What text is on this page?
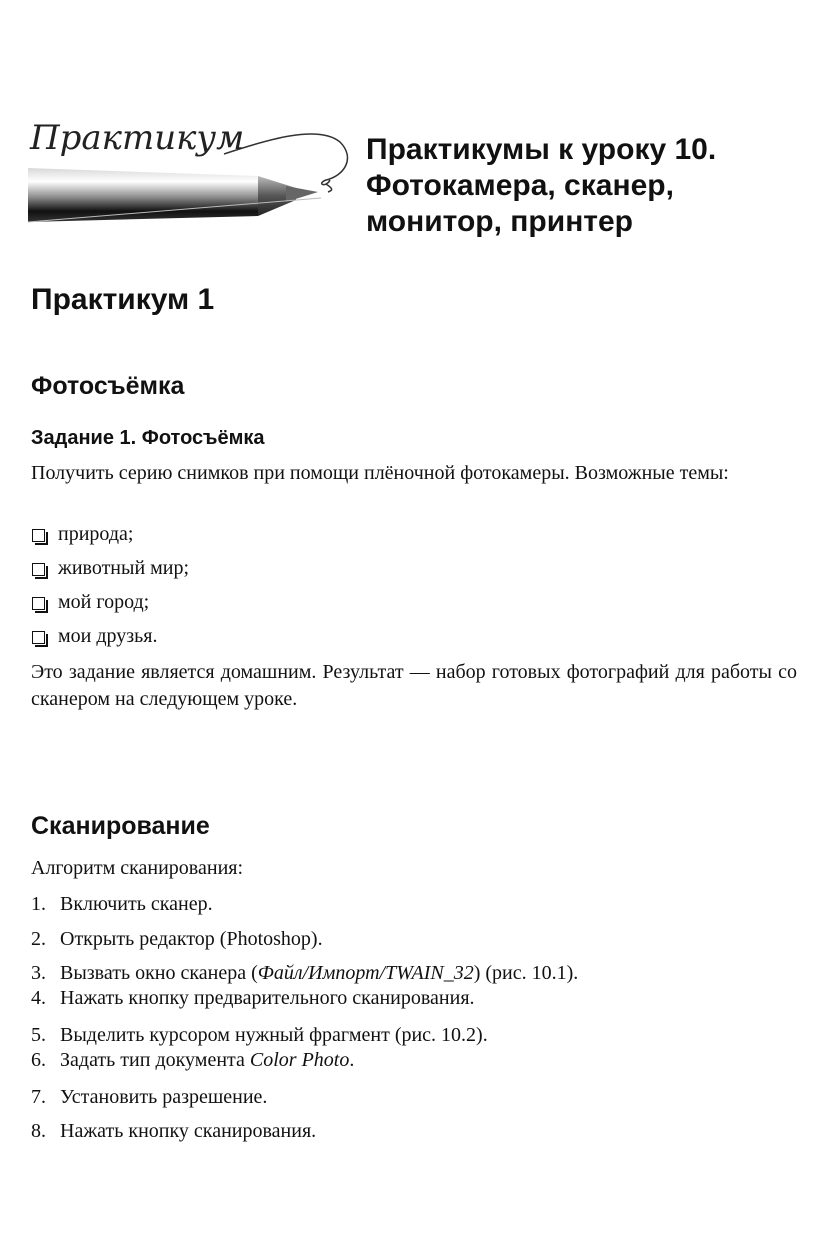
Практикум	Практикумы к уроку 10.
Фотокамера, сканер,
монитор, принтер
Практикум 1
Фотосъёмка
Задание 1. Фотосъёмка

Получить серию снимков при помощи плёночной фотокамеры. Возможные темы:

природа;
животный мир;
мой город;
мои друзья.

Это задание является домашним. Результат — набор готовых фотографий для работы со сканером на следующем уроке.

Сканирование

Алгоритм сканирования:

1. Включить сканер.
2. Открыть редактор (Photoshop).
3. Вызвать окно сканера (Файл/Импорт/TWAIN_32) (рис. 10.1).
4. Нажать кнопку предварительного сканирования.
5. Выделить курсором нужный фрагмент (рис. 10.2).
6. Задать тип документа Color Photo.
7. Установить разрешение.
8. Нажать кнопку сканирования.
